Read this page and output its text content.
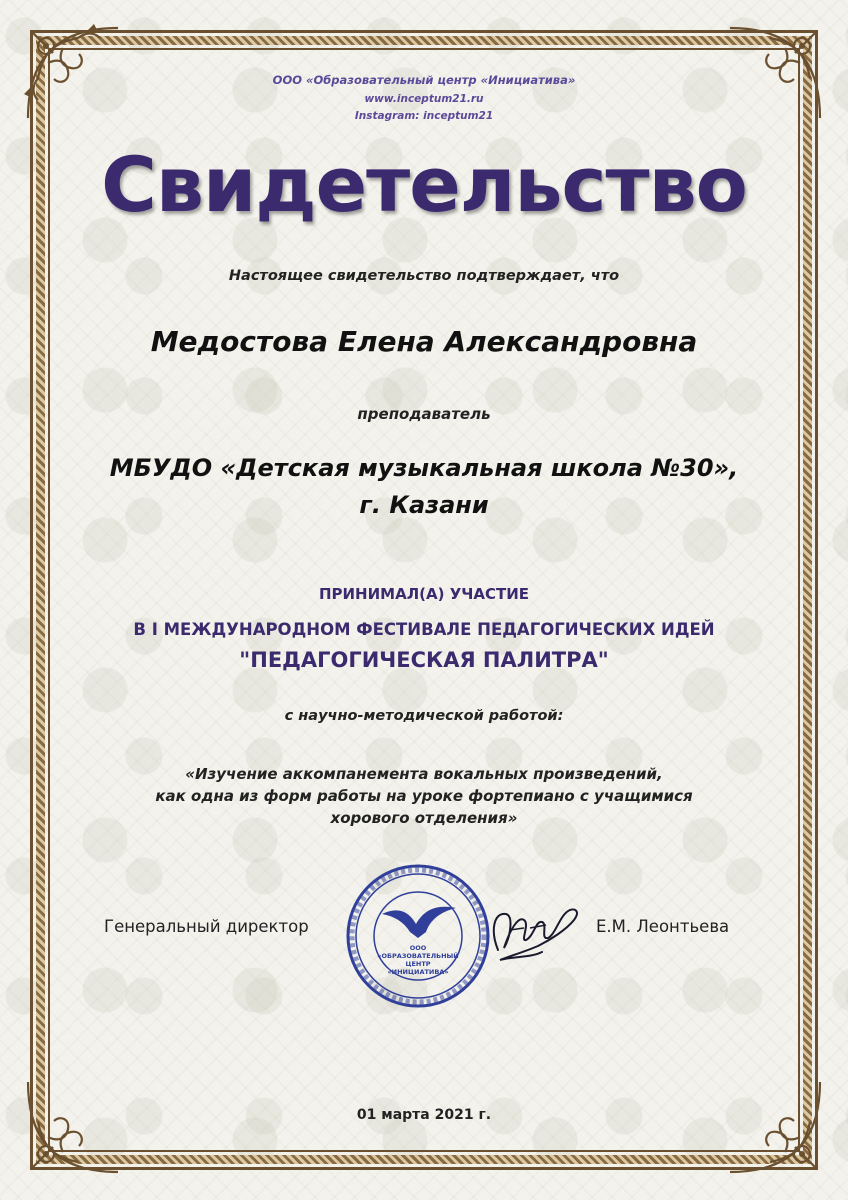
ООО «Образовательный центр «Инициатива»
www.inceptum21.ru
Instagram: inceptum21
Свидетельство
Настоящее свидетельство подтверждает, что
Медостова Елена Александровна
преподаватель
МБУДО «Детская музыкальная школа №30»,
г. Казани
ПРИНИМАЛ(А) УЧАСТИЕ
В I МЕЖДУНАРОДНОМ ФЕСТИВАЛЕ ПЕДАГОГИЧЕСКИХ ИДЕЙ
"ПЕДАГОГИЧЕСКАЯ ПАЛИТРА"
с научно-методической работой:
«Изучение аккомпанемента вокальных произведений,
как одна из форм работы на уроке фортепиано с учащимися
хорового отделения»
Генеральный директор	Е.М. Леонтьева
01 марта 2021 г.
ООО
«ОБРАЗОВАТЕЛЬНЫЙ
ЦЕНТР
«ИНИЦИАТИВА»
